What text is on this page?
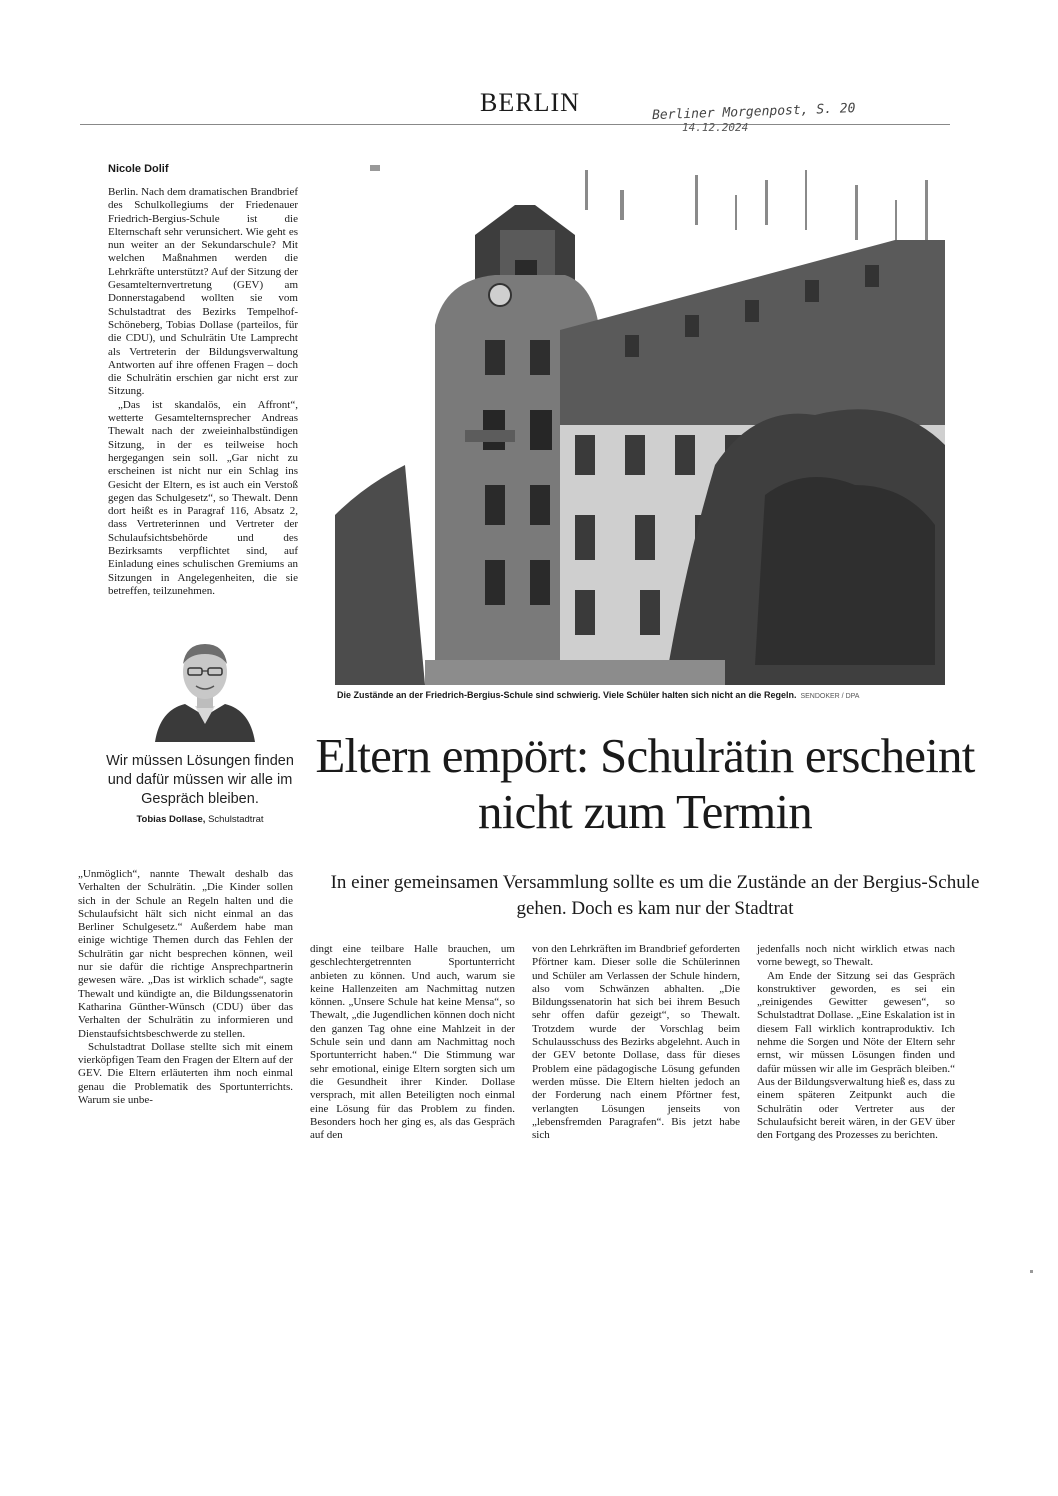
BERLIN	Berliner Morgenpost, S. 20
14.12.2024
Nicole Dolif

Berlin. Nach dem dramatischen Brandbrief des Schulkollegiums der Friedenauer Friedrich-Bergius-Schule ist die Elternschaft sehr verunsichert. Wie geht es nun weiter an der Sekundarschule? Mit welchen Maßnahmen werden die Lehrkräfte unterstützt? Auf der Sitzung der Gesamtelternvertretung (GEV) am Donnerstagabend wollten sie vom Schulstadtrat des Bezirks Tempelhof-Schöneberg, Tobias Dollase (parteilos, für die CDU), und Schulrätin Ute Lamprecht als Vertreterin der Bildungsverwaltung Antworten auf ihre offenen Fragen – doch die Schulrätin erschien gar nicht erst zur Sitzung.

„Das ist skandalös, ein Affront“, wetterte Gesamtelternsprecher Andreas Thewalt nach der zweieinhalbstündigen Sitzung, in der es teilweise hoch hergegangen sein soll. „Gar nicht zu erscheinen ist nicht nur ein Schlag ins Gesicht der Eltern, es ist auch ein Verstoß gegen das Schulgesetz“, so Thewalt. Denn dort heißt es in Paragraf 116, Absatz 2, dass Vertreterinnen und Vertreter der Schulaufsichtsbehörde und des Bezirksamts verpflichtet sind, auf Einladung eines schulischen Gremiums an Sitzungen in Angelegenheiten, die sie betreffen, teilzunehmen.

Wir müssen Lösungen finden und dafür müssen wir alle im Gespräch bleiben.
Tobias Dollase, Schulstadtrat
Die Zustände an der Friedrich-Bergius-Schule sind schwierig. Viele Schüler halten sich nicht an die Regeln. SENDOKER / DPA
Eltern empört: Schulrätin erscheint nicht zum Termin
In einer gemeinsamen Versammlung sollte es um die Zustände an der Bergius-Schule gehen. Doch es kam nur der Stadtrat

„Unmöglich“, nannte Thewalt deshalb das Verhalten der Schulrätin. „Die Kinder sollen sich in der Schule an Regeln halten und die Schulaufsicht hält sich nicht einmal an das Berliner Schulgesetz.“ Außerdem habe man einige wichtige Themen durch das Fehlen der Schulrätin gar nicht besprechen können, weil nur sie dafür die richtige Ansprechpartnerin gewesen wäre. „Das ist wirklich schade“, sagte Thewalt und kündigte an, die Bildungssenatorin Katharina Günther-Wünsch (CDU) über das Verhalten der Schulrätin zu informieren und Dienstaufsichtsbeschwerde zu stellen.

Schulstadtrat Dollase stellte sich mit einem vierköpfigen Team den Fragen der Eltern auf der GEV. Die Eltern erläuterten ihm noch einmal genau die Problematik des Sportunterrichts. Warum sie unbe-

dingt eine teilbare Halle brauchen, um geschlechtergetrennten Sportunterricht anbieten zu können. Und auch, warum sie keine Hallenzeiten am Nachmittag nutzen können. „Unsere Schule hat keine Mensa“, so Thewalt, „die Jugendlichen können doch nicht den ganzen Tag ohne eine Mahlzeit in der Schule sein und dann am Nachmittag noch Sportunterricht haben.“ Die Stimmung war sehr emotional, einige Eltern sorgten sich um die Gesundheit ihrer Kinder. Dollase versprach, mit allen Beteiligten noch einmal eine Lösung für das Problem zu finden. Besonders hoch her ging es, als das Gespräch auf den

von den Lehrkräften im Brandbrief geforderten Pförtner kam. Dieser solle die Schülerinnen und Schüler am Verlassen der Schule hindern, also vom Schwänzen abhalten. „Die Bildungssenatorin hat sich bei ihrem Besuch sehr offen dafür gezeigt“, so Thewalt. Trotzdem wurde der Vorschlag beim Schulausschuss des Bezirks abgelehnt. Auch in der GEV betonte Dollase, dass für dieses Problem eine pädagogische Lösung gefunden werden müsse. Die Eltern hielten jedoch an der Forderung nach einem Pförtner fest, verlangten Lösungen jenseits von „lebensfremden Paragrafen“. Bis jetzt habe sich

jedenfalls noch nicht wirklich etwas nach vorne bewegt, so Thewalt.

Am Ende der Sitzung sei das Gespräch konstruktiver geworden, es sei ein „reinigendes Gewitter gewesen“, so Schulstadtrat Dollase. „Eine Eskalation ist in diesem Fall wirklich kontraproduktiv. Ich nehme die Sorgen und Nöte der Eltern sehr ernst, wir müssen Lösungen finden und dafür müssen wir alle im Gespräch bleiben.“ Aus der Bildungsverwaltung hieß es, dass zu einem späteren Zeitpunkt auch die Schulrätin oder Vertreter aus der Schulaufsicht bereit wären, in der GEV über den Fortgang des Prozesses zu berichten.
